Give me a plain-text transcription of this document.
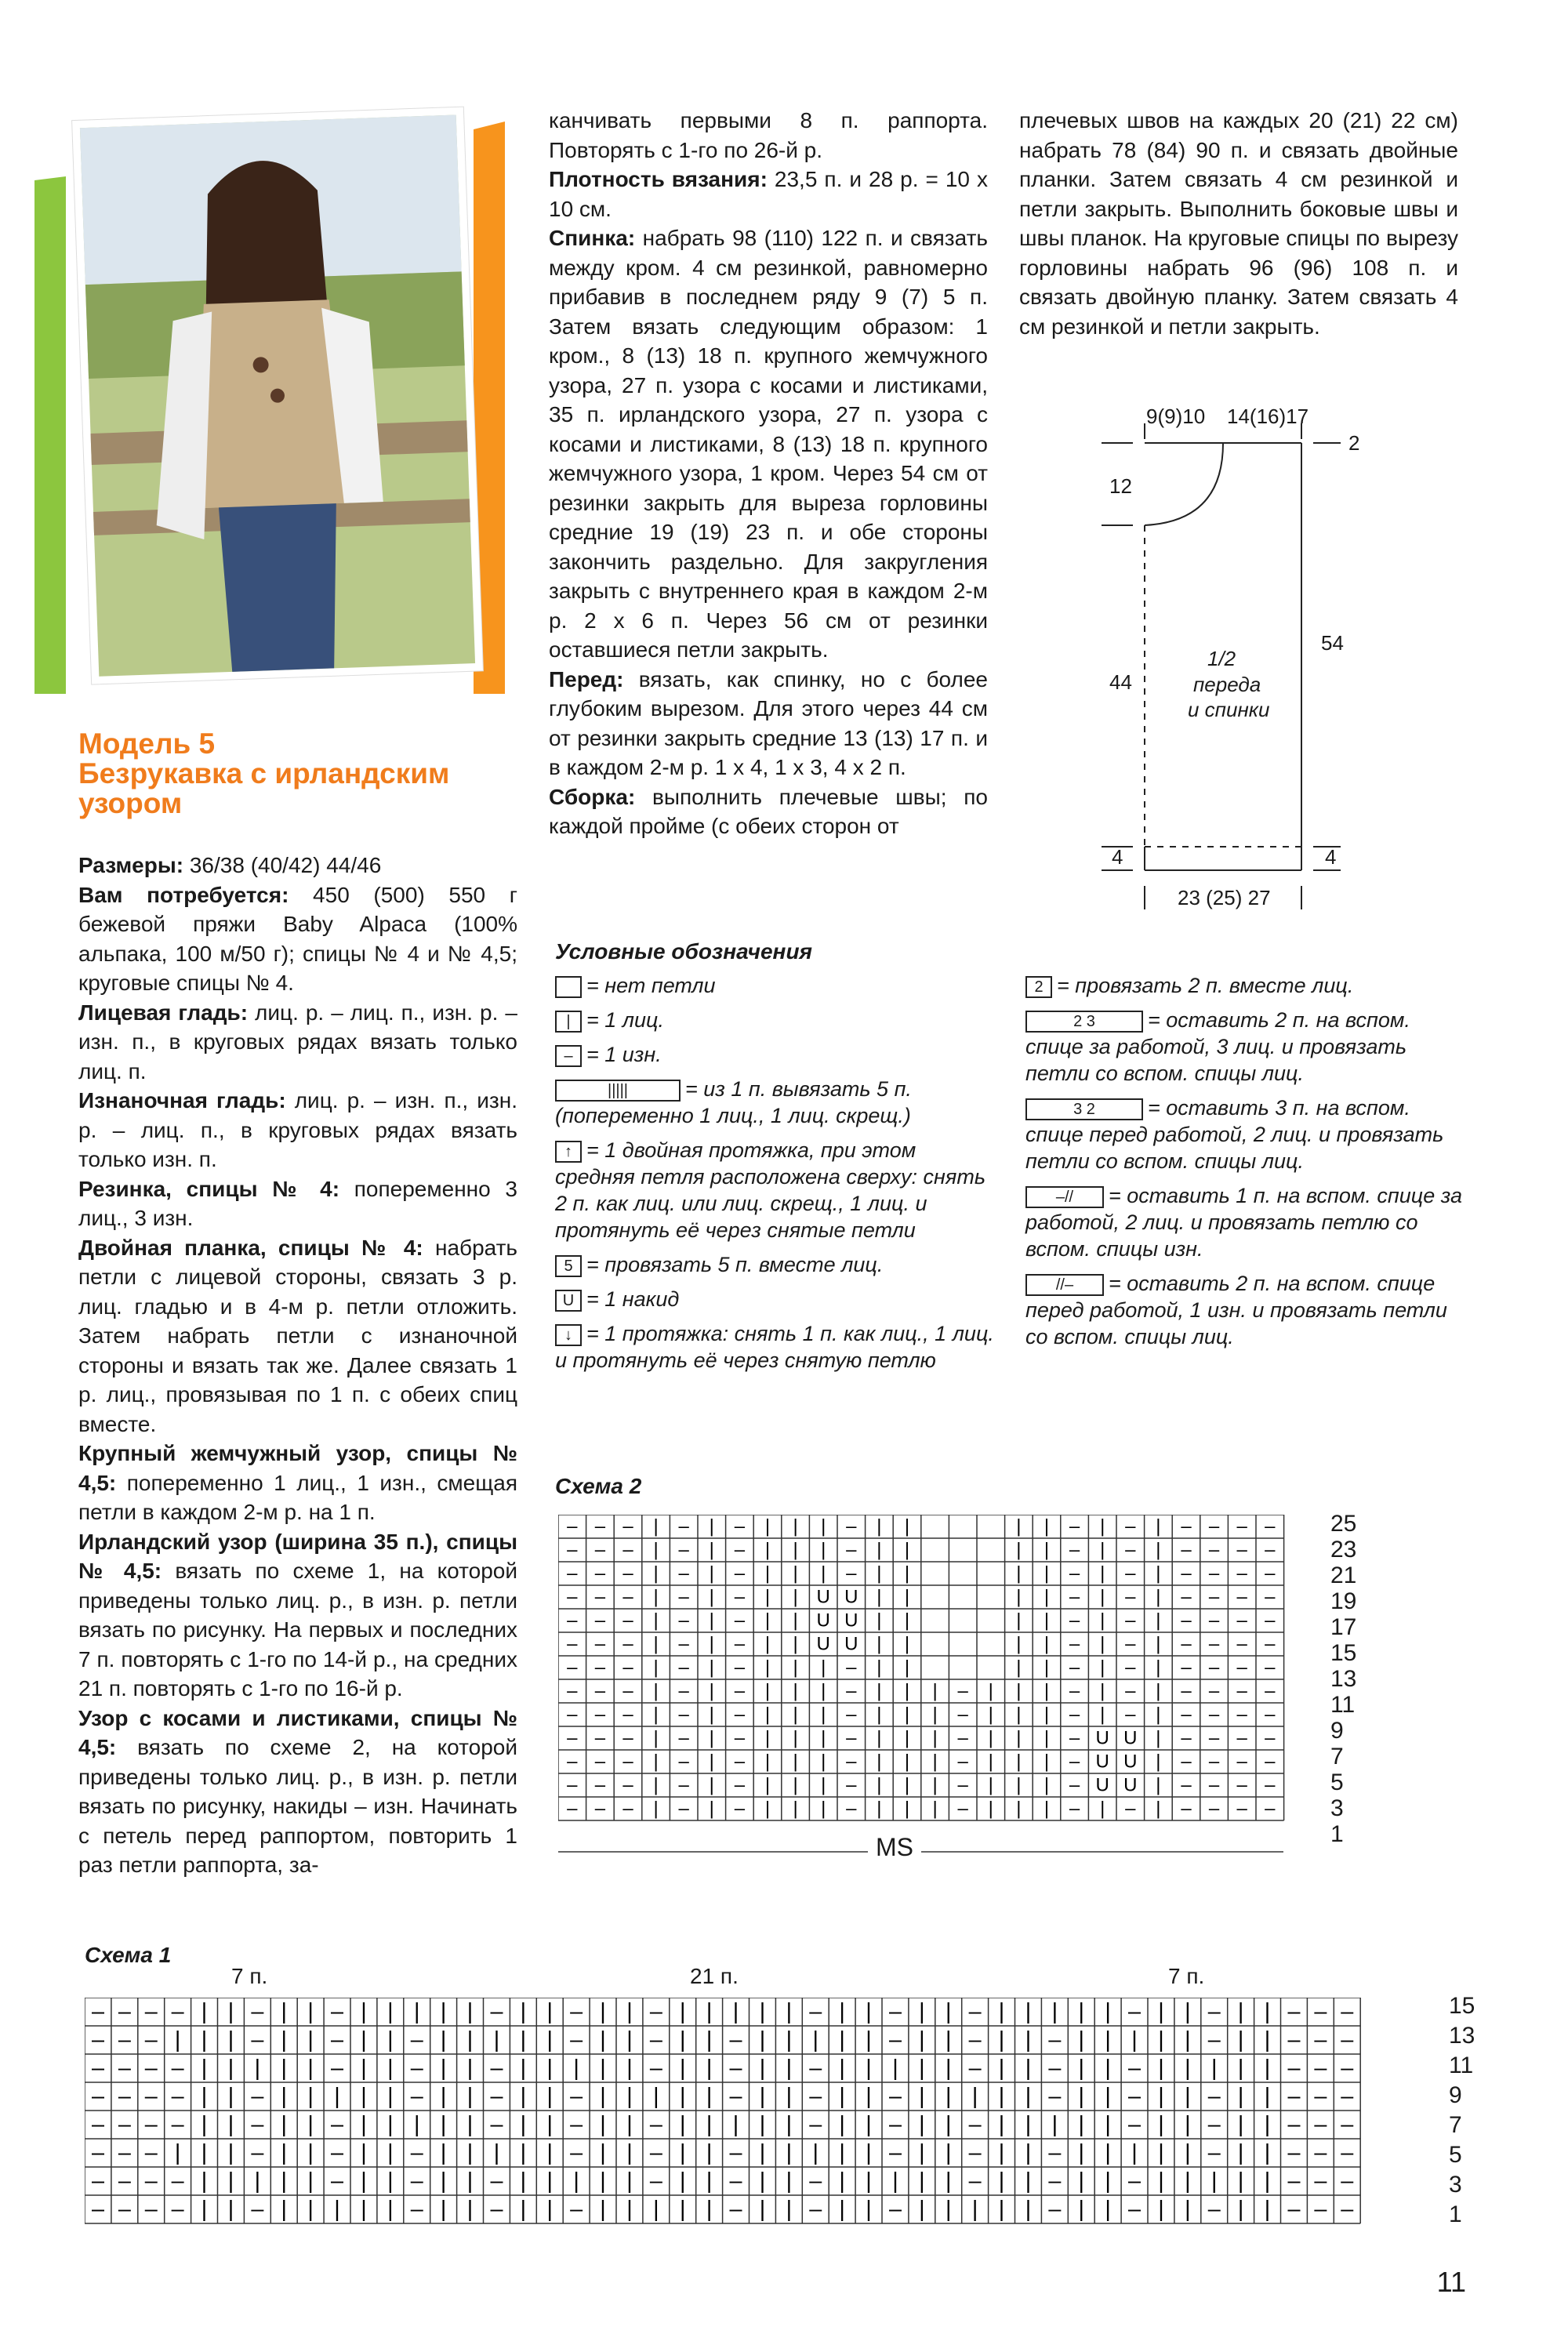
Модель 5
Безрукавка с ирландским
узором

Размеры: 36/38 (40/42) 44/46

Вам потребуется: 450 (500) 550 г бежевой пряжи Baby Alpaca (100% альпака, 100 м/50 г); спицы № 4 и № 4,5; круговые спицы № 4.

Лицевая гладь: лиц. р. – лиц. п., изн. р. – изн. п., в круговых рядах вязать только лиц. п.

Изнаночная гладь: лиц. р. – изн. п., изн. р. – лиц. п., в круговых рядах вязать только изн. п.

Резинка, спицы № 4: попеременно 3 лиц., 3 изн.

Двойная планка, спицы № 4: набрать петли с лицевой стороны, связать 3 р. лиц. гладью и в 4-м р. петли отложить. Затем набрать петли с изнаночной стороны и вязать так же. Далее связать 1 р. лиц., провязывая по 1 п. с обеих спиц вместе.

Крупный жемчужный узор, спицы № 4,5: попеременно 1 лиц., 1 изн., смещая петли в каждом 2-м р. на 1 п.

Ирландский узор (ширина 35 п.), спицы № 4,5: вязать по схеме 1, на которой приведены только лиц. р., в изн. р. петли вязать по рисунку. На первых и последних 7 п. повторять с 1-го по 14-й р., на средних 21 п. повторять с 1-го по 16-й р.

Узор с косами и листиками, спицы № 4,5: вязать по схеме 2, на которой приведены только лиц. р., в изн. р. петли вязать по рисунку, накиды – изн. Начинать с петель перед раппортом, повторить 1 раз петли раппорта, за-

канчивать первыми 8 п. раппорта. Повторять с 1-го по 26-й р.

Плотность вязания: 23,5 п. и 28 р. = 10 х 10 см.

Спинка: набрать 98 (110) 122 п. и связать между кром. 4 см резинкой, равномерно прибавив в последнем ряду 9 (7) 5 п. Затем вязать следующим образом: 1 кром., 8 (13) 18 п. крупного жемчужного узора, 27 п. узора с косами и листиками, 35 п. ирландского узора, 27 п. узора с косами и листиками, 8 (13) 18 п. крупного жемчужного узора, 1 кром. Через 54 см от резинки закрыть для выреза горловины средние 19 (19) 23 п. и обе стороны закончить раздельно. Для закругления закрыть с внутреннего края в каждом 2-м р. 2 х 6 п. Через 56 см от резинки оставшиеся петли закрыть.

Перед: вязать, как спинку, но с более глубоким вырезом. Для этого через 44 см от резинки закрыть средние 13 (13) 17 п. и в каждом 2-м р. 1 х 4, 1 х 3, 4 х 2 п.

Сборка: выполнить плечевые швы; по каждой пройме (с обеих сторон от

плечевых швов на каждых 20 (21) 22 см) набрать 78 (84) 90 п. и связать двойные планки. Затем связать 4 см резинкой и петли закрыть. Выполнить боковые швы и швы планок. На круговые спицы по вырезу горловины набрать 96 (96) 108 п. и связать двойную планку. Затем связать 4 см резинкой и петли закрыть.

9(9)10 14(16)17
2
12
54
44
1/2
переда
и спинки
4	4
23 (25) 27
Условные обозначения
= нет петли
| = 1 лиц.
– = 1 изн.
|||||	= из 1 п. вывязать 5 п. (попеременно 1 лиц., 1 лиц. скрещ.)
↑ = 1 двойная протяжка, при этом средняя петля расположена сверху: снять 2 п. как лиц. или лиц. скрещ., 1 лиц. и протянуть её через снятые петли
5 = провязать 5 п. вместе лиц.
U = 1 накид
↓ = 1 протяжка: снять 1 п. как лиц., 1 лиц. и протянуть её через снятую петлю
2 = провязать 2 п. вместе лиц.
2 3 = оставить 2 п. на вспом. спице за работой, 3 лиц. и провязать петли со вспом. спицы лиц.
3 2 = оставить 3 п. на вспом. спице перед работой, 2 лиц. и провязать петли со вспом. спицы лиц.
–// = оставить 1 п. на вспом. спице за работой, 2 лиц. и провязать петлю со вспом. спицы изн.
//– = оставить 2 п. на вспом. спице перед работой, 1 изн. и провязать петли со вспом. спицы лиц.
Схема 2
– – – | – | – | | | – | |	| | – | – | – – – –
– – – | – | – | | | – | |	| | – | – | – – – –
– – – | – | – | | | – | |	| | – | – | – – – –
– – – | – | – | | U U | |	| | – | – | – – – –
– – – | – | – | | U U | |	| | – | – | – – – –
– – – | – | – | | U U | |	| | – | – | – – – –
– – – | – | – | | | – | |	| | – | – | – – – –
– – – | – | – | | | – | | | – | | | – | – | – – – –
– – – | – | – | | | – | | | – | | | – | – | – – – –
– – – | – | – | | | – | | | – | | | – U U | – – – –
– – – | – | – | | | – | | | – | | | – U U | – – – –
– – – | – | – | | | – | | | – | | | – U U | – – – –
– – – | – | – | | | – | | | – | | | – | – | – – – –
MS
25
23
21
19
17
15
13
11
9
7
5
3
1
Схема 1
7 п.	21 п.	7 п.
– – – – | | – | | – | | | | | – | | – | | – | | | | | – | | – | | – | | | | | – | | – | | – – –
– – – | | | – | | – | | – | | | | | – | | – | | – | | | | | – | | – | | – | | | | | – | | – – –
– – – – | | | | | – | | – | | – | | | | | – | | – | | – | | | | | – | | – | | – | | | | | – – –
– – – – | | – | | | | | – | | – | | – | | | | | – | | – | | – | | | | | – | | – | | – | | – – –
– – – – | | – | | – | | | | | – | | – | | – | | | | | – | | – | | – | | | | | – | | – | | – – –
– – – | | | – | | – | | – | | | | | – | | – | | – | | | | | – | | – | | – | | | | | – | | – – –
– – – – | | | | | – | | – | | – | | | | | – | | – | | – | | | | | – | | – | | – | | | | | – – –
– – – – | | – | | | | | – | | – | | – | | | | | – | | – | | – | | | | | – | | – | | – | | – – –
15
13
11
9
7
5
3
1
11
